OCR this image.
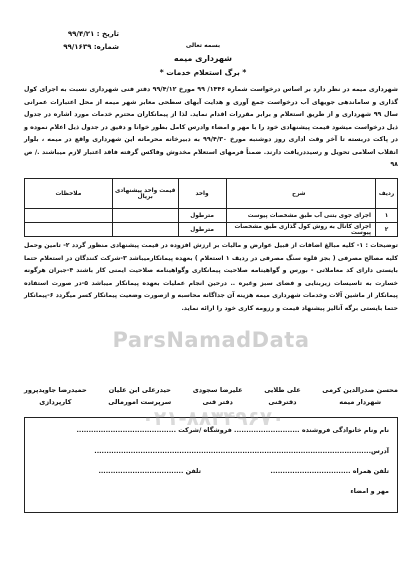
تاریخ : ۹۹/۴/۲۱
شماره: ۹۹/۱۶۳۹	بسمه تعالی
شهرداری میمه
* برگ استعلام خدمات *

شهرداری میمه در نظر دارد بر اساس درخواست شماره ۱۴۴۶/ ۹۹ مورخ ۹۹/۴/۱۲ دفتر فنی شهرداری نسبت به اجرای کول گذاری و ساماندهی جویهای آب درخواست جمع آوری و هدایت آبهای سطحی معابر شهر میمه از محل اعتبارات عمرانی سال ۹۹ شهرداری و از طریق استعلام و برابر مقررات اقدام نماید. لذا از پیمانکاران محترم خدمات مورد اشاره در جدول ذیل درخواست میشود قیمت پیشنهادی خود را با مهر و امضاء وادرس کامل بطور خوانا و دقیق در جدول ذیل اعلام نموده و در پاکت دربسته تا آخر وقت اداری روز دوشنبه مورخ ۹۹/۴/۳۰ به دبیرخانه محرمانه این شهرداری واقع در میمه ، بلوار انقلاب اسلامی تحویل و رسیددریافت دارند. ضمناً فرمهای استعلام مخدوش وفاکس گرفته فاقد اعتبار لازم میباشند ./ ص ۹۸

ردیف	شرح	واحد	قیمت واحد پیشنهادی بریال	ملاحظات
۱	اجرای جوی بتنی آب طبق مشخصات پیوست	مترطول		
۲	اجرای کانال به روش کول گذاری طبق مشخصات پیوست	مترطول		

توضیحات : ۱- کلیه مبالغ اضافات از قبیل عوارض و مالیات بر ارزش افزوده در قیمت پیشنهادی منظور گردد ۲- تامین وحمل کلیه مصالح مصرفی ( بجز قلوه سنگ مصرفی در ردیف ۱ استعلام ) بعهده پیمانکارمیباشد ۳-شرکت کنندگان در استعلام حتما بایستی دارای کد معاملاتی - بورس و گواهینامه صلاحیت پیمانکاری وگواهینامه صلاحیت ایمنی کار باشند ۴-جبران هرگونه خسارت به تاسیسات زیربنایی و فضای سبز وغیره .. درحین انجام عملیات بعهده پیمانکار میباشد ۵-در صورت استفاده پیمانکار از ماشین آلات وخدمات شهرداری میمه هزینه آن جداگانه محاسبه و ازصورت وضعیت پیمانکار کسر میگردد ۶-پیمانکار حتما بایستی برگه آنالیز پیشنهاد قیمت و رزومه کاری خود را ارائه نماید.

ParsNamadData
حمیدرضا جاویدپرور
کارپردازی
حیدرعلی ابن علیان
سرپرست امورمالی
علیرضا سجودی
دفتر فنی
علی طلایی
دفترفنی
محسن صدرالدین کرمی
شهردار میمه
نام ونام خانوادگی فروشنده ........................... فروشگاه /شرکت .........................................
آدرس..................................................................................................................
تلفن همراه .................................
تلفن ...................................
مهر و امضاء
۰۲۱-۸۸۳۴۹۶۷۰
